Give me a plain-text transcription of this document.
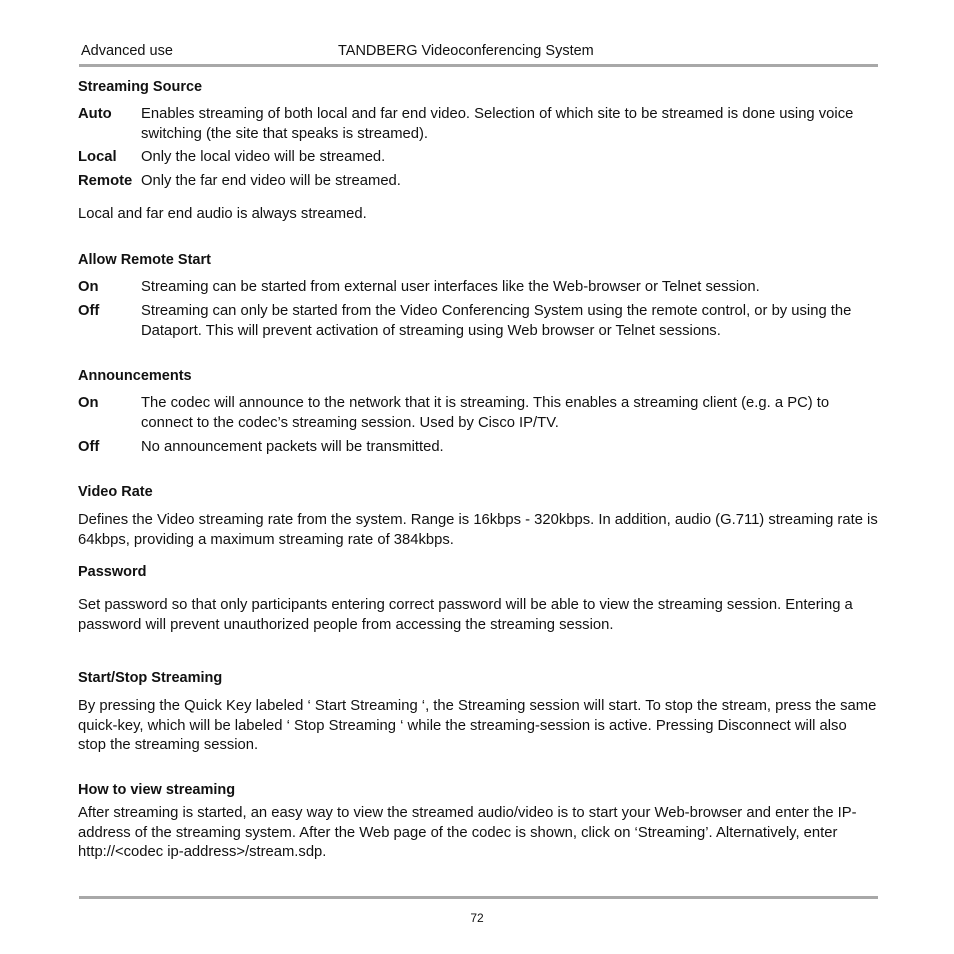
Advanced use	TANDBERG Videoconferencing System
Streaming Source
Auto Enables streaming of both local and far end video. Selection of which site to be streamed is done using voice switching (the site that speaks is streamed).
Local Only the local video will be streamed.
Remote Only the far end video will be streamed.
Local and far end audio is always streamed.
Allow Remote Start
On	Streaming can be started from external user interfaces like the Web-browser or Telnet session.
Off	Streaming can only be started from the Video Conferencing System using the remote control, or by using the Dataport. This will prevent activation of streaming using Web browser or Telnet sessions.
Announcements
On	The codec will announce to the network that it is streaming. This enables a streaming client (e.g. a PC) to connect to the codec’s streaming session. Used by Cisco IP/TV.
Off	No announcement packets will be transmitted.
Video Rate
Defines the Video streaming rate from the system. Range is 16kbps - 320kbps. In addition, audio (G.711) streaming rate is 64kbps, providing a maximum streaming rate of 384kbps.
Password
Set password so that only participants entering correct password will be able to view the streaming session. Entering a password will prevent unauthorized people from accessing the streaming session.
Start/Stop Streaming
By pressing the Quick Key labeled ‘ Start Streaming ‘, the Streaming session will start. To stop the stream, press the same quick-key, which will be labeled ‘ Stop Streaming ‘ while the streaming-session is active. Pressing Disconnect will also stop the streaming session.
How to view streaming
After streaming is started, an easy way to view the streamed audio/video is to start your Web-browser and enter the IP-address of the streaming system. After the Web page of the codec is shown, click on ‘Streaming’. Alternatively, enter http://<codec ip-address>/stream.sdp.
72
